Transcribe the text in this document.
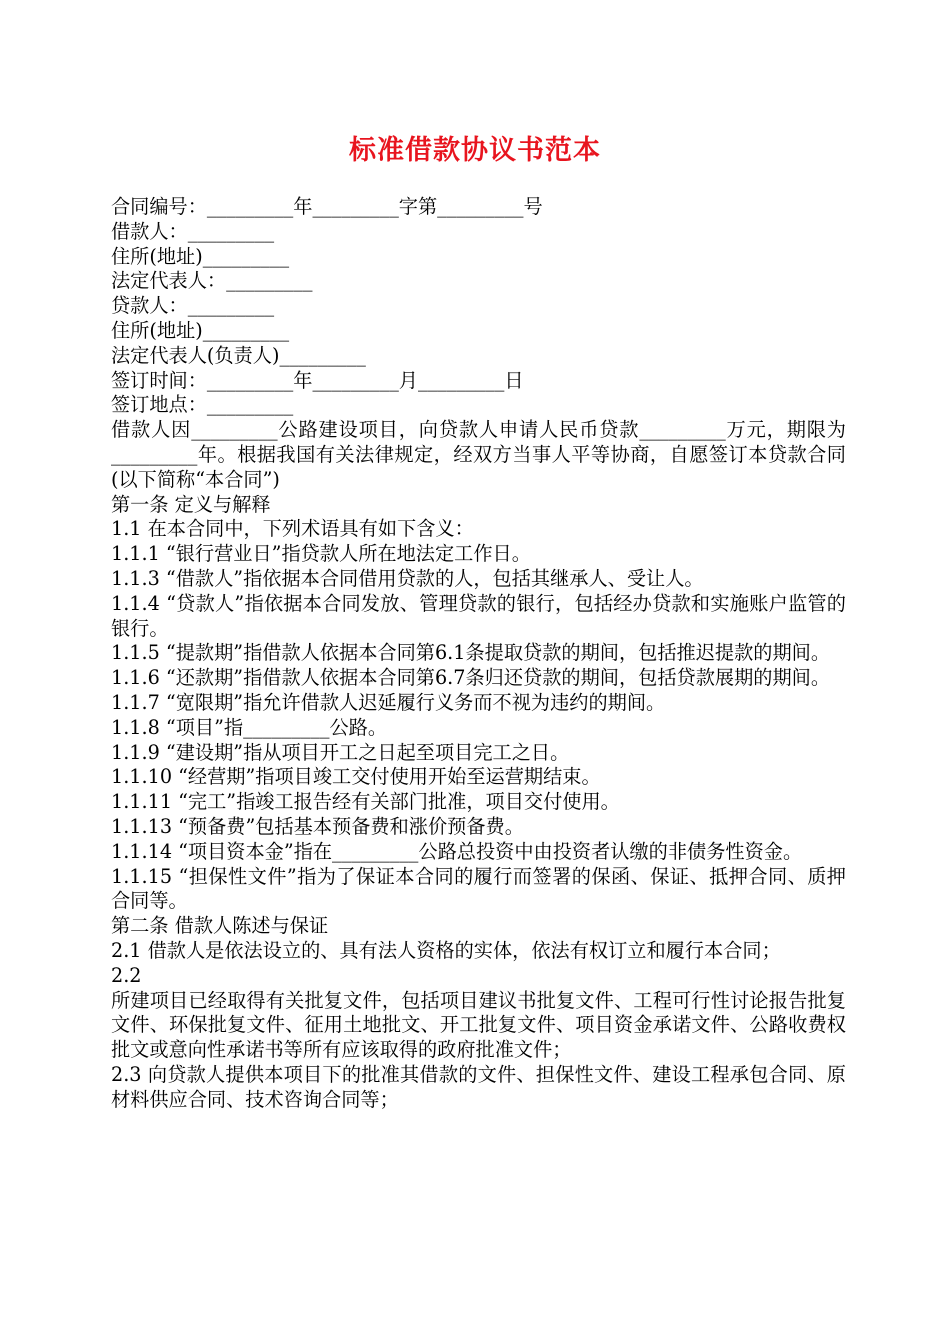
标准借款协议书范本
合同编号：_________年_________字第_________号
借款人：_________
住所(地址)_________
法定代表人：_________
贷款人：_________
住所(地址)_________
法定代表人(负责人)_________
签订时间：_________年_________月_________日
签订地点：_________

借款人因_________公路建设项目，向贷款人申请人民币贷款_________万元，期限为_________年。根据我国有关法律规定，经双方当事人平等协商，自愿签订本贷款合同(以下简称“本合同”)

第一条 定义与解释

1.1 在本合同中，下列术语具有如下含义：

1.1.1 “银行营业日”指贷款人所在地法定工作日。

1.1.3 “借款人”指依据本合同借用贷款的人，包括其继承人、受让人。

1.1.4 “贷款人”指依据本合同发放、管理贷款的银行，包括经办贷款和实施账户监管的银行。

1.1.5 “提款期”指借款人依据本合同第6.1条提取贷款的期间，包括推迟提款的期间。

1.1.6 “还款期”指借款人依据本合同第6.7条归还贷款的期间，包括贷款展期的期间。

1.1.7 “宽限期”指允许借款人迟延履行义务而不视为违约的期间。

1.1.8 “项目”指_________公路。

1.1.9 “建设期”指从项目开工之日起至项目完工之日。

1.1.10 “经营期”指项目竣工交付使用开始至运营期结束。

1.1.11 “完工”指竣工报告经有关部门批准，项目交付使用。

1.1.13 “预备费”包括基本预备费和涨价预备费。

1.1.14 “项目资本金”指在_________公路总投资中由投资者认缴的非债务性资金。

1.1.15 “担保性文件”指为了保证本合同的履行而签署的保函、保证、抵押合同、质押合同等。

第二条 借款人陈述与保证

2.1 借款人是依法设立的、具有法人资格的实体，依法有权订立和履行本合同；

2.2

所建项目已经取得有关批复文件，包括项目建议书批复文件、工程可行性讨论报告批复文件、环保批复文件、征用土地批文、开工批复文件、项目资金承诺文件、公路收费权批文或意向性承诺书等所有应该取得的政府批准文件；

2.3 向贷款人提供本项目下的批准其借款的文件、担保性文件、建设工程承包合同、原材料供应合同、技术咨询合同等；
